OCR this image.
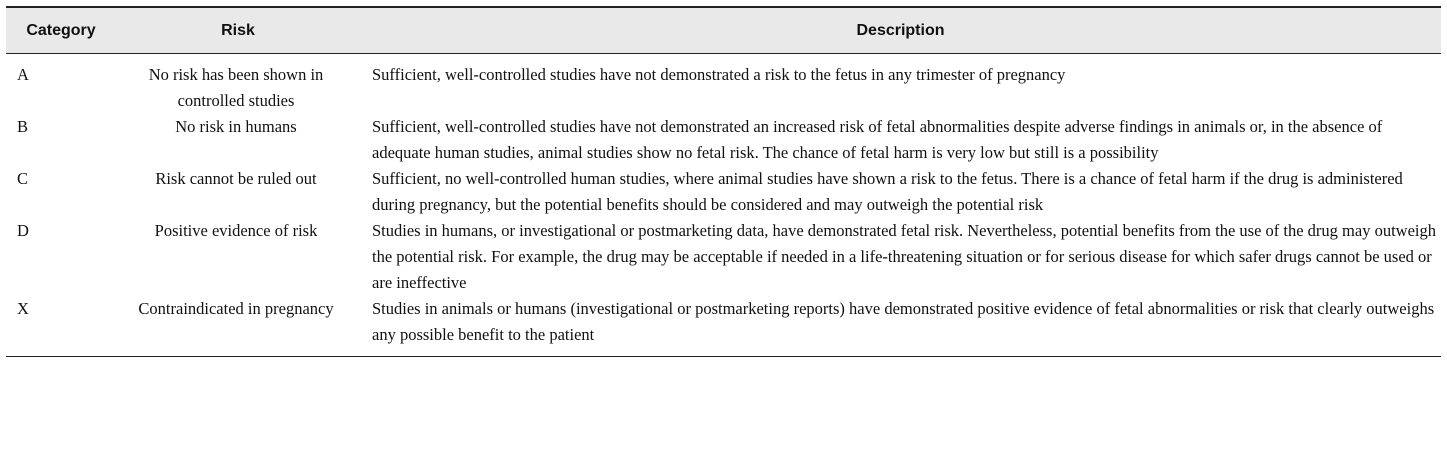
Category	Risk	Description
A	No risk has been shown in controlled studies	Sufficient, well-controlled studies have not demonstrated a risk to the fetus in any trimester of pregnancy
B	No risk in humans	Sufficient, well-controlled studies have not demonstrated an increased risk of fetal abnormalities despite adverse findings in animals or, in the absence of adequate human studies, animal studies show no fetal risk. The chance of fetal harm is very low but still is a possibility
C	Risk cannot be ruled out	Sufficient, no well-controlled human studies, where animal studies have shown a risk to the fetus. There is a chance of fetal harm if the drug is administered during pregnancy, but the potential benefits should be considered and may outweigh the potential risk
D	Positive evidence of risk	Studies in humans, or investigational or postmarketing data, have demonstrated fetal risk. Nevertheless, potential benefits from the use of the drug may outweigh the potential risk. For example, the drug may be acceptable if needed in a life-threatening situation or for serious disease for which safer drugs cannot be used or are ineffective
X	Contraindicated in pregnancy	Studies in animals or humans (investigational or postmarketing reports) have demonstrated positive evidence of fetal abnormalities or risk that clearly outweighs any possible benefit to the patient
